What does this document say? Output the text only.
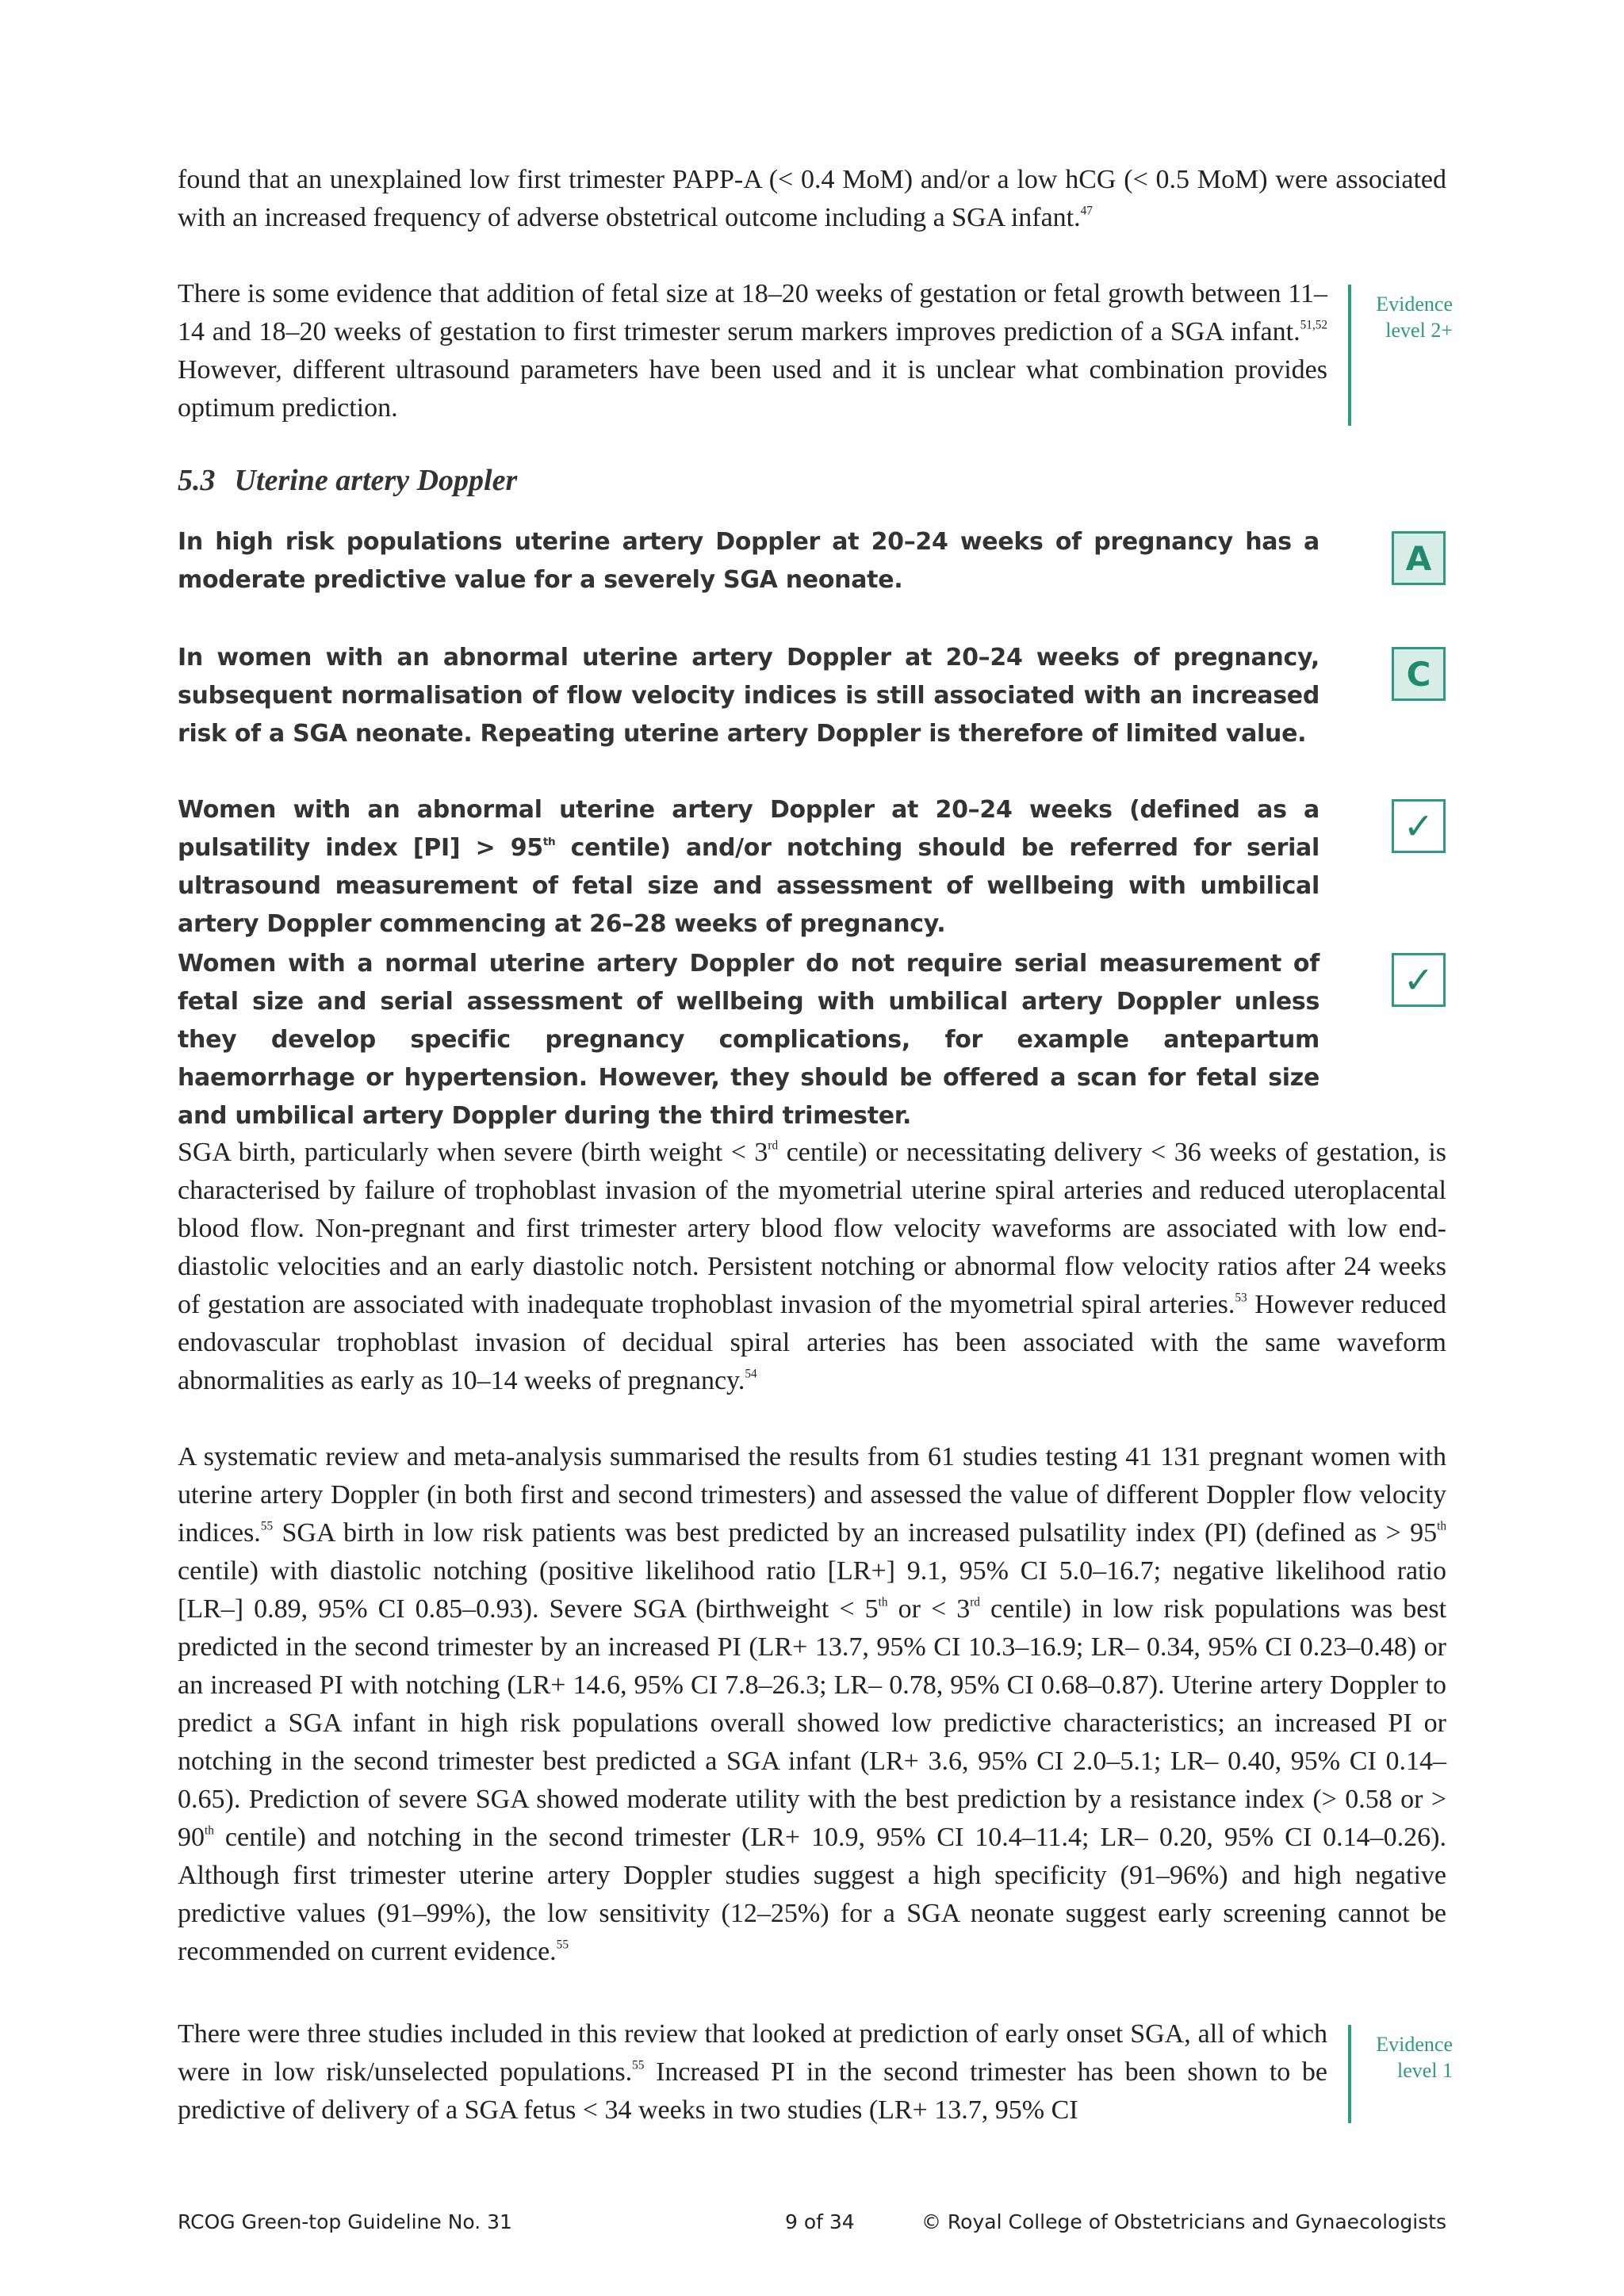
found that an unexplained low first trimester PAPP-A (< 0.4 MoM) and/or a low hCG (< 0.5 MoM) were associated with an increased frequency of adverse obstetrical outcome including a SGA infant.$^{47}$

There is some evidence that addition of fetal size at 18–20 weeks of gestation or fetal growth between 11–14 and 18–20 weeks of gestation to first trimester serum markers improves prediction of a SGA infant.$^{51,52}$ However, different ultrasound parameters have been used and it is unclear what combination provides optimum prediction.

Evidence
level 2+
5.3 Uterine artery Doppler

In high risk populations uterine artery Doppler at 20–24 weeks of pregnancy has a moderate predictive value for a severely SGA neonate.

A

In women with an abnormal uterine artery Doppler at 20–24 weeks of pregnancy, subsequent normalisation of flow velocity indices is still associated with an increased risk of a SGA neonate. Repeating uterine artery Doppler is therefore of limited value.

C

Women with an abnormal uterine artery Doppler at 20–24 weeks (defined as a pulsatility index [PI] > 95th centile) and/or notching should be referred for serial ultrasound measurement of fetal size and assessment of wellbeing with umbilical artery Doppler commencing at 26–28 weeks of pregnancy.

✓

Women with a normal uterine artery Doppler do not require serial measurement of fetal size and serial assessment of wellbeing with umbilical artery Doppler unless they develop specific pregnancy complications, for example antepartum haemorrhage or hypertension. However, they should be offered a scan for fetal size and umbilical artery Doppler during the third trimester.

✓

SGA birth, particularly when severe (birth weight < 3rd centile) or necessitating delivery < 36 weeks of gestation, is characterised by failure of trophoblast invasion of the myometrial uterine spiral arteries and reduced uteroplacental blood flow. Non-pregnant and first trimester artery blood flow velocity waveforms are associated with low end-diastolic velocities and an early diastolic notch. Persistent notching or abnormal flow velocity ratios after 24 weeks of gestation are associated with inadequate trophoblast invasion of the myometrial spiral arteries.$^{53}$ However reduced endovascular trophoblast invasion of decidual spiral arteries has been associated with the same waveform abnormalities as early as 10–14 weeks of pregnancy.$^{54}$

A systematic review and meta-analysis summarised the results from 61 studies testing 41 131 pregnant women with uterine artery Doppler (in both first and second trimesters) and assessed the value of different Doppler flow velocity indices.$^{55}$ SGA birth in low risk patients was best predicted by an increased pulsatility index (PI) (defined as > 95th centile) with diastolic notching (positive likelihood ratio [LR+] 9.1, 95% CI 5.0–16.7; negative likelihood ratio [LR–] 0.89, 95% CI 0.85–0.93). Severe SGA (birthweight < 5th or < 3rd centile) in low risk populations was best predicted in the second trimester by an increased PI (LR+ 13.7, 95% CI 10.3–16.9; LR– 0.34, 95% CI 0.23–0.48) or an increased PI with notching (LR+ 14.6, 95% CI 7.8–26.3; LR– 0.78, 95% CI 0.68–0.87). Uterine artery Doppler to predict a SGA infant in high risk populations overall showed low predictive characteristics; an increased PI or notching in the second trimester best predicted a SGA infant (LR+ 3.6, 95% CI 2.0–5.1; LR– 0.40, 95% CI 0.14–0.65). Prediction of severe SGA showed moderate utility with the best prediction by a resistance index (> 0.58 or > 90th centile) and notching in the second trimester (LR+ 10.9, 95% CI 10.4–11.4; LR– 0.20, 95% CI 0.14–0.26). Although first trimester uterine artery Doppler studies suggest a high specificity (91–96%) and high negative predictive values (91–99%), the low sensitivity (12–25%) for a SGA neonate suggest early screening cannot be recommended on current evidence.$^{55}$

There were three studies included in this review that looked at prediction of early onset SGA, all of which were in low risk/unselected populations.$^{55}$ Increased PI in the second trimester has been shown to be predictive of delivery of a SGA fetus < 34 weeks in two studies (LR+ 13.7, 95% CI

Evidence
level 1
RCOG Green-top Guideline No. 31	9 of 34	© Royal College of Obstetricians and Gynaecologists
